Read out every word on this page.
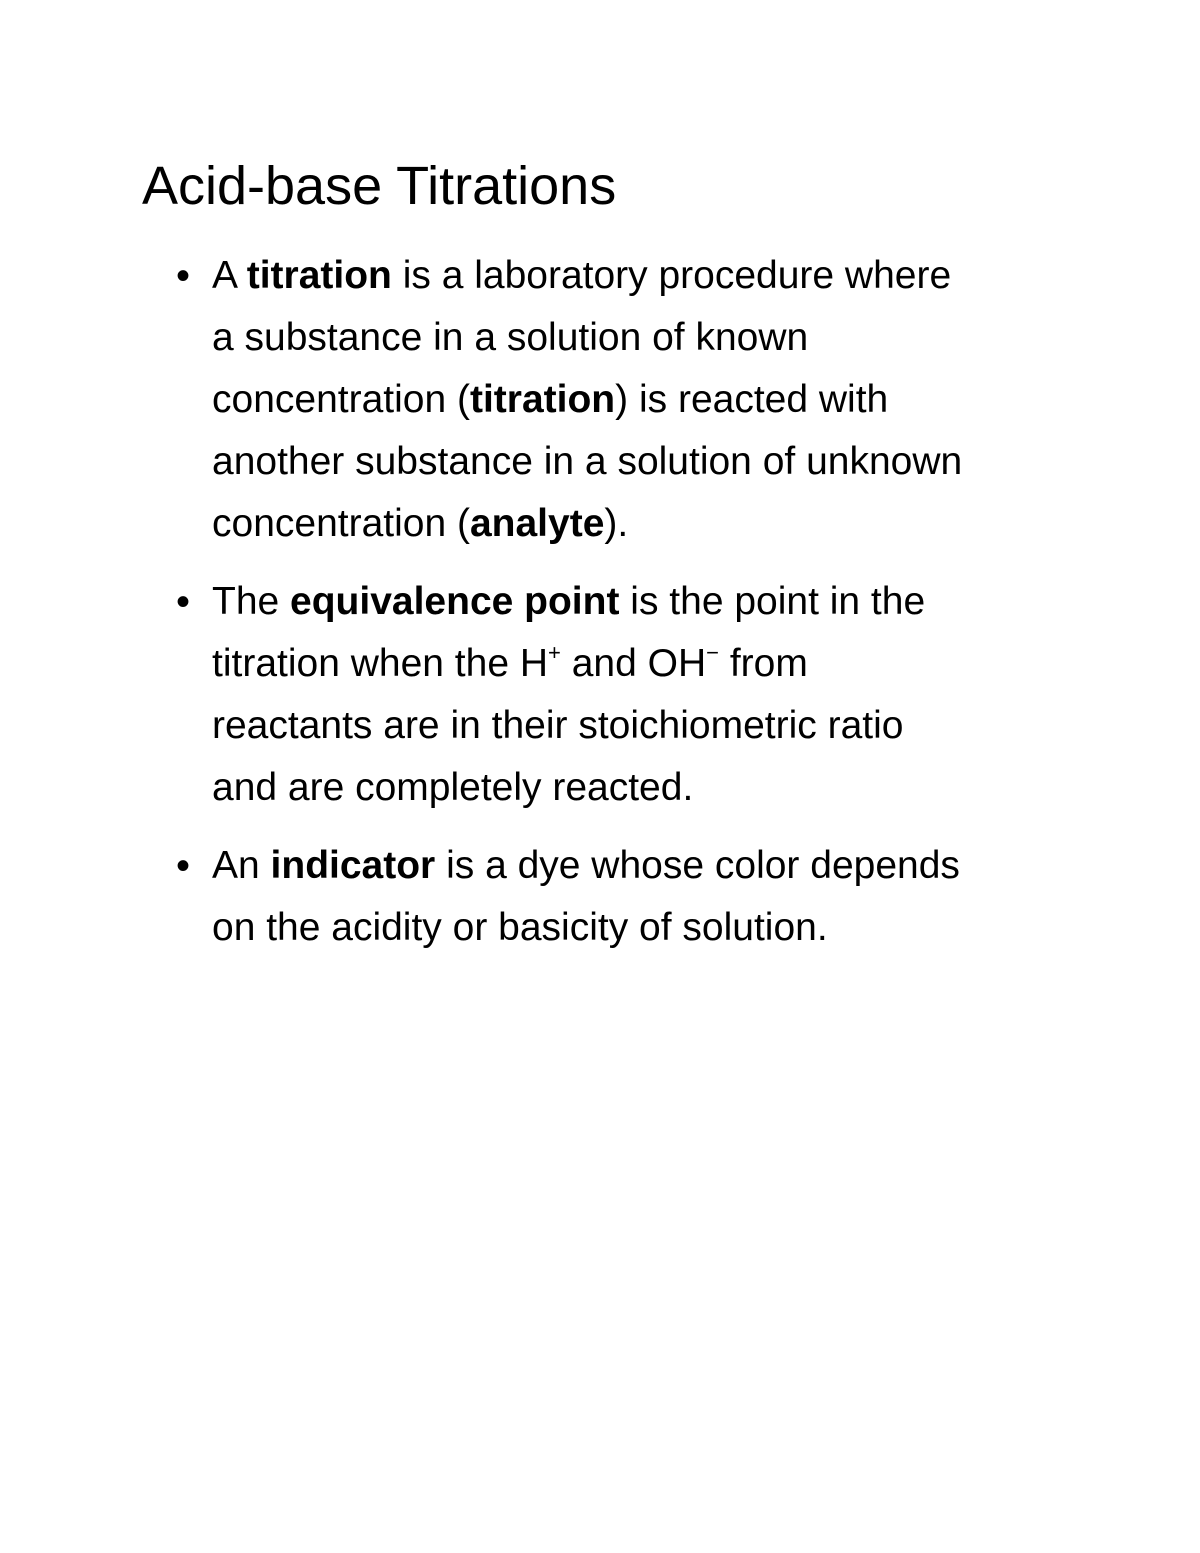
Acid-base Titrations
• A titration is a laboratory procedure where
a substance in a solution of known
concentration (titration) is reacted with
another substance in a solution of unknown
concentration (analyte).
• The equivalence point is the point in the
titration when the H+ and OH− from
reactants are in their stoichiometric ratio
and are completely reacted.
• An indicator is a dye whose color depends
on the acidity or basicity of solution.
